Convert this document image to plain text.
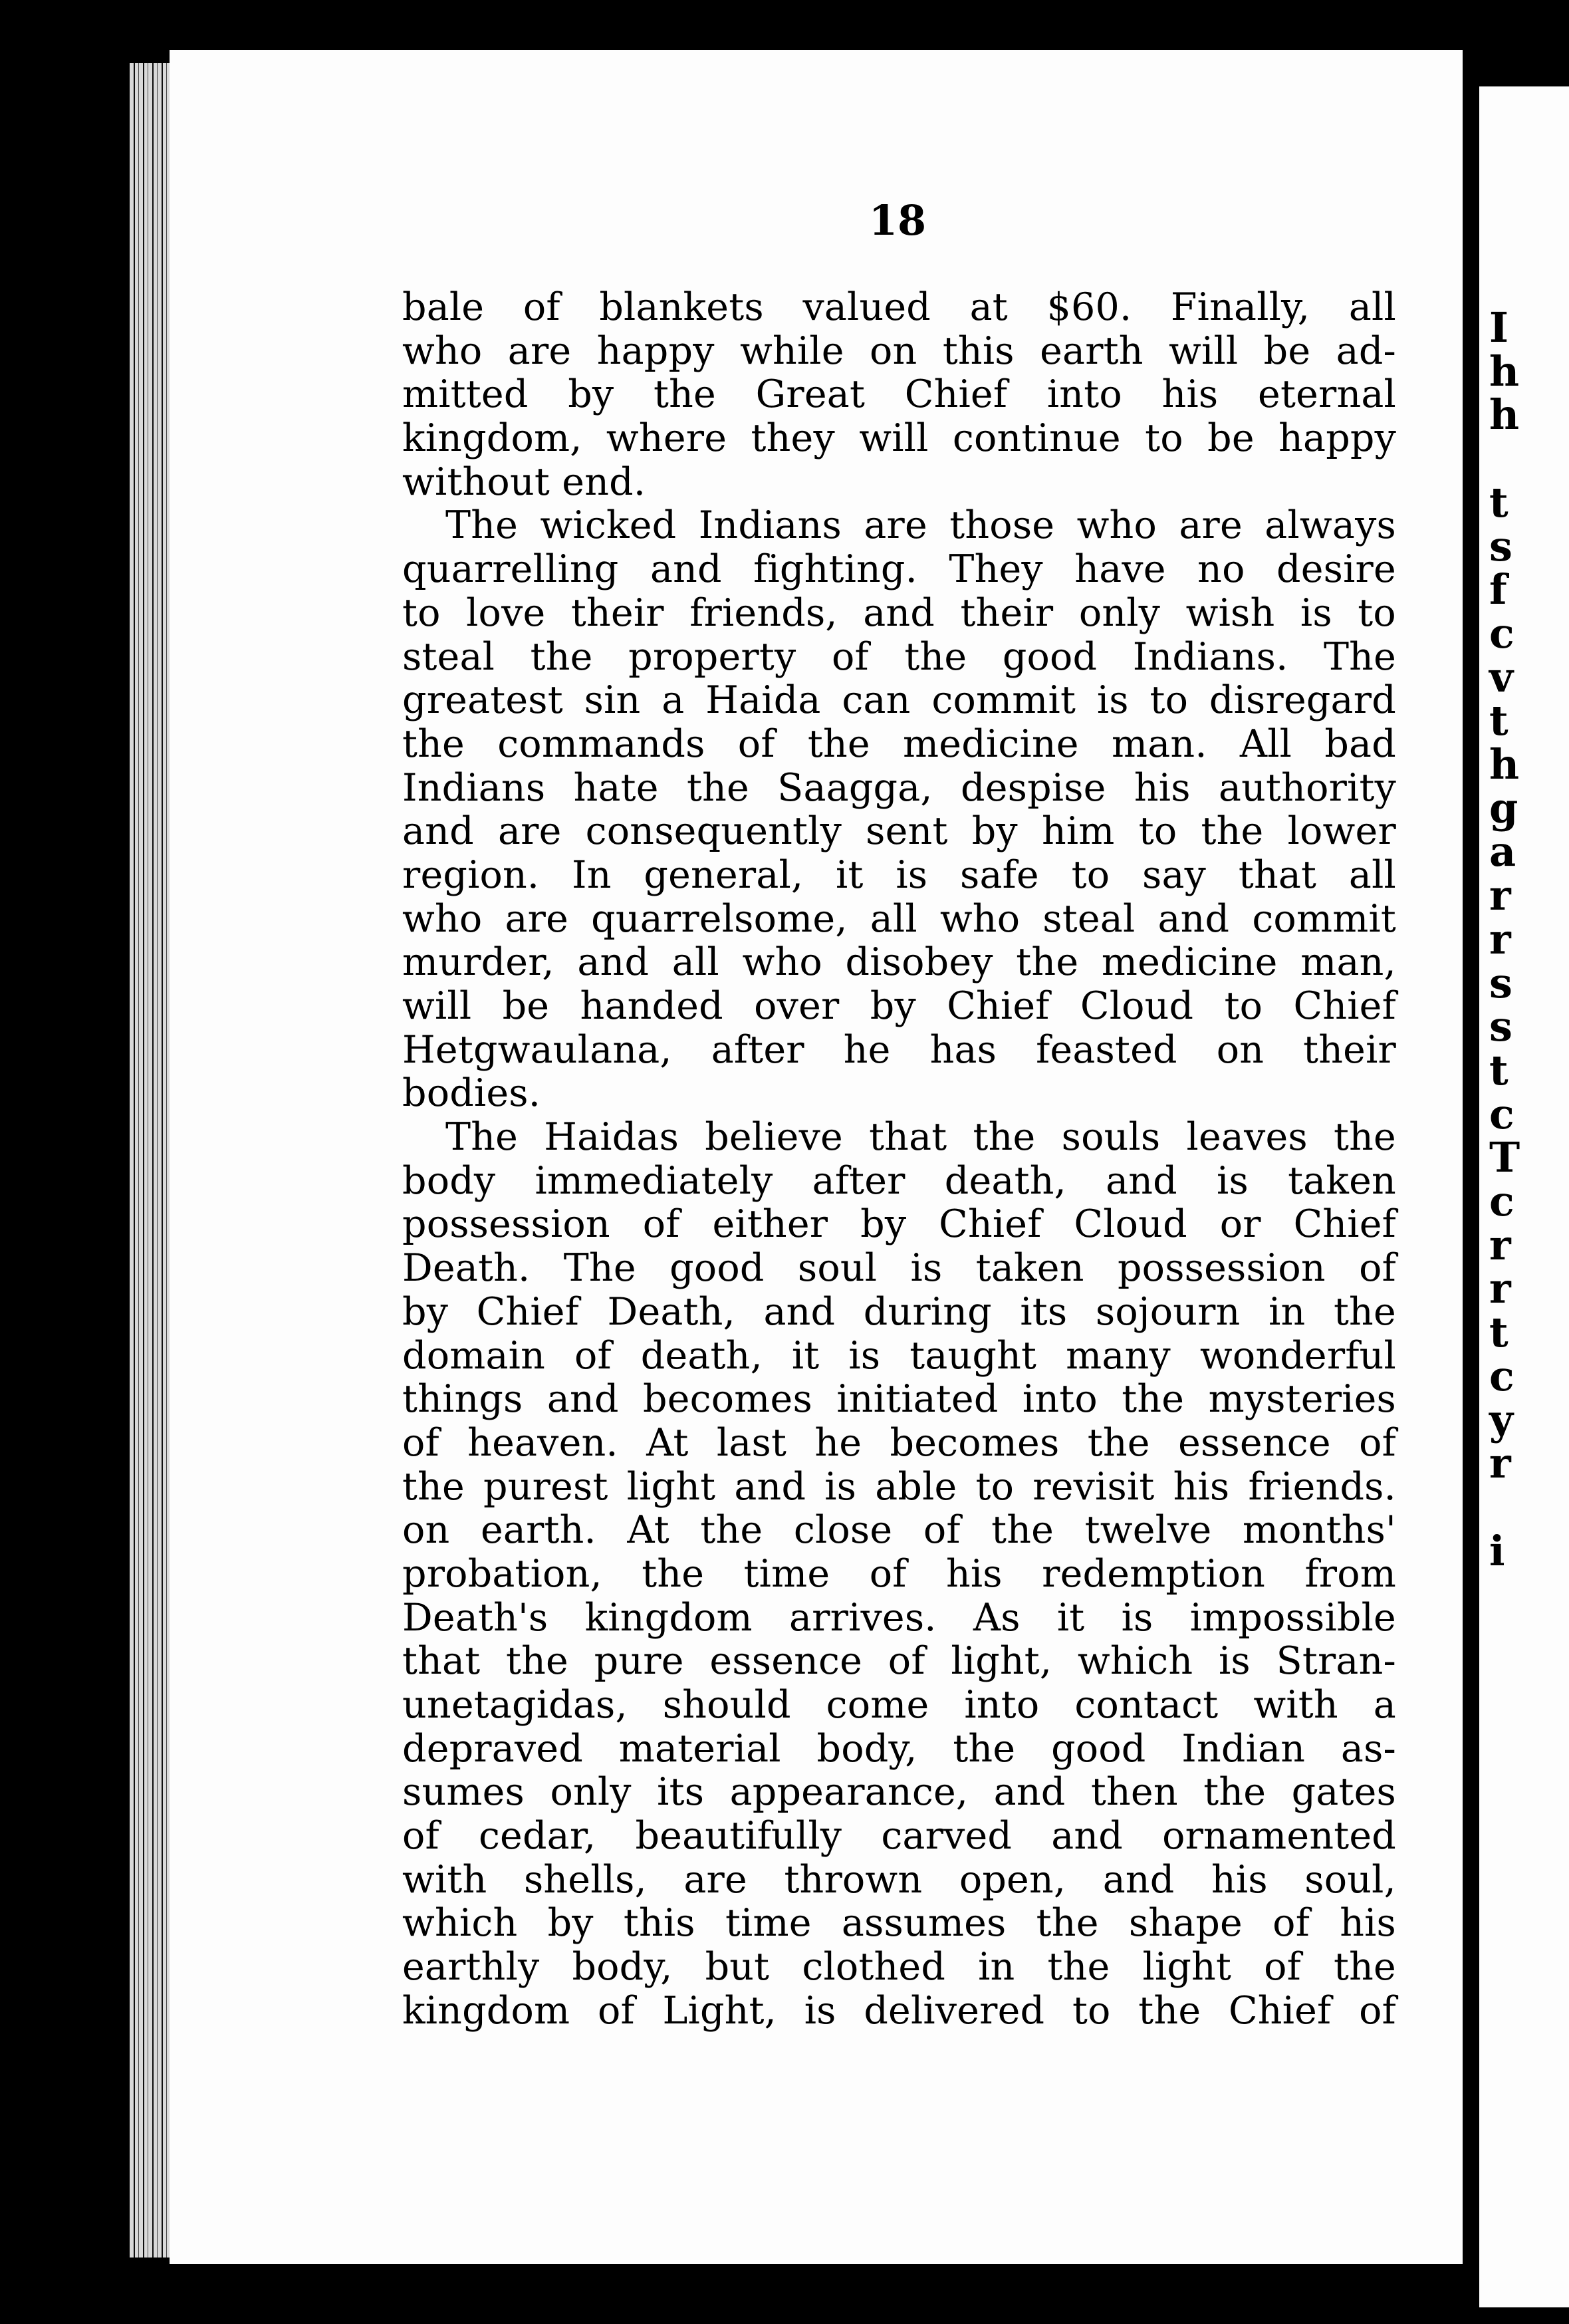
I
h
h
t
s
f
c
v
t
h
g
a
r
r
s
s
t
c
T
c
r
r
t
c
y
r
i
18
bale of blankets valued at $60. Finally, all
who are happy while on this earth will be ad-
mitted by the Great Chief into his eternal
kingdom, where they will continue to be happy
without end.
The wicked Indians are those who are always
quarrelling and fighting. They have no desire
to love their friends, and their only wish is to
steal the property of the good Indians. The
greatest sin a Haida can commit is to disregard
the commands of the medicine man. All bad
Indians hate the Saagga, despise his authority
and are consequently sent by him to the lower
region. In general, it is safe to say that all
who are quarrelsome, all who steal and commit
murder, and all who disobey the medicine man,
will be handed over by Chief Cloud to Chief
Hetgwaulana, after he has feasted on their
bodies.
The Haidas believe that the souls leaves the
body immediately after death, and is taken
possession of either by Chief Cloud or Chief
Death. The good soul is taken possession of
by Chief Death, and during its sojourn in the
domain of death, it is taught many wonderful
things and becomes initiated into the mysteries
of heaven. At last he becomes the essence of
the purest light and is able to revisit his friends.
on earth. At the close of the twelve months'
probation, the time of his redemption from
Death's kingdom arrives. As it is impossible
that the pure essence of light, which is Stran-
unetagidas, should come into contact with a
depraved material body, the good Indian as-
sumes only its appearance, and then the gates
of cedar, beautifully carved and ornamented
with shells, are thrown open, and his soul,
which by this time assumes the shape of his
earthly body, but clothed in the light of the
kingdom of Light, is delivered to the Chief of
